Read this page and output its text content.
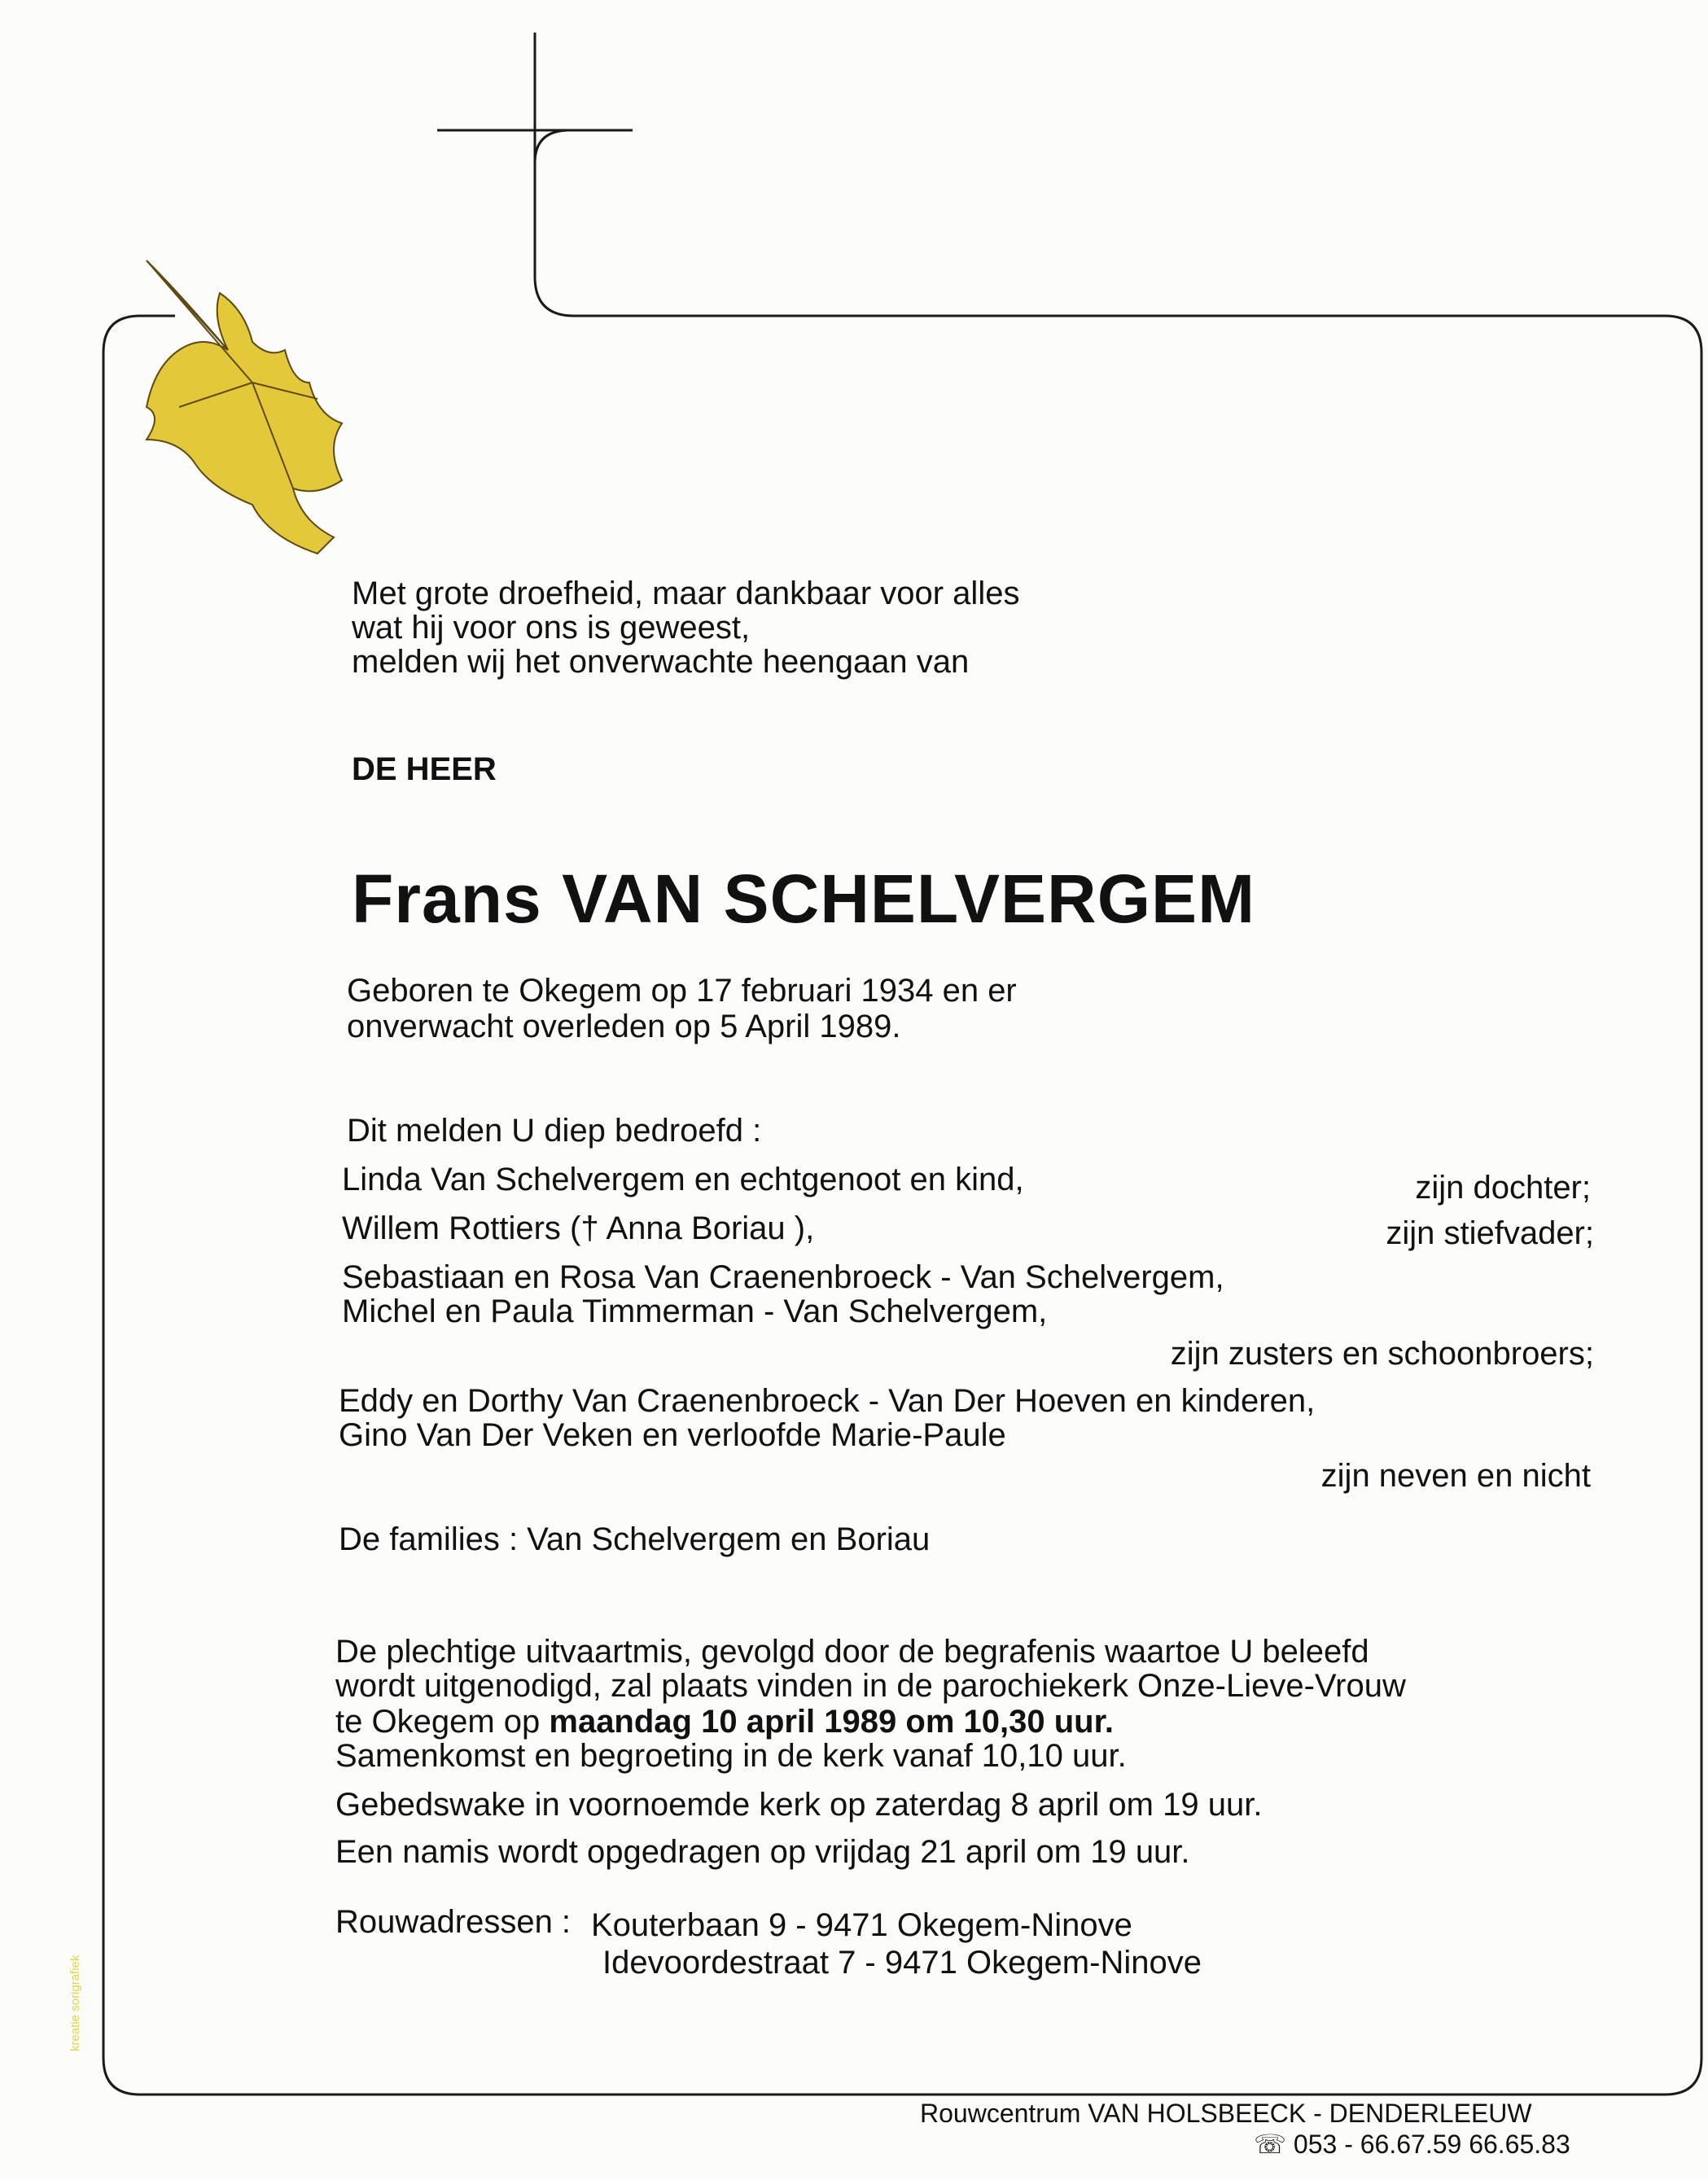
Met grote droefheid, maar dankbaar voor alles
wat hij voor ons is geweest,
melden wij het onverwachte heengaan van
DE HEER
Frans VAN SCHELVERGEM
Geboren te Okegem op 17 februari 1934 en er
onverwacht overleden op 5 April 1989.
Dit melden U diep bedroefd :
Linda Van Schelvergem en echtgenoot en kind,	zijn dochter;
Willem Rottiers († Anna Boriau ),	zijn stiefvader;
Sebastiaan en Rosa Van Craenenbroeck - Van Schelvergem,
Michel en Paula Timmerman - Van Schelvergem,
zijn zusters en schoonbroers;
Eddy en Dorthy Van Craenenbroeck - Van Der Hoeven en kinderen,
Gino Van Der Veken en verloofde Marie-Paule
zijn neven en nicht
De families : Van Schelvergem en Boriau
De plechtige uitvaartmis, gevolgd door de begrafenis waartoe U beleefd
wordt uitgenodigd, zal plaats vinden in de parochiekerk Onze-Lieve-Vrouw
te Okegem op maandag 10 april 1989 om 10,30 uur.
Samenkomst en begroeting in de kerk vanaf 10,10 uur.
Gebedswake in voornoemde kerk op zaterdag 8 april om 19 uur.
Een namis wordt opgedragen op vrijdag 21 april om 19 uur.
Rouwadressen : Kouterbaan 9 - 9471 Okegem-Ninove
Idevoordestraat 7 - 9471 Okegem-Ninove
Rouwcentrum VAN HOLSBEECK - DENDERLEEUW
☏ 053 - 66.67.59 66.65.83
kreatie sorigrafiek
